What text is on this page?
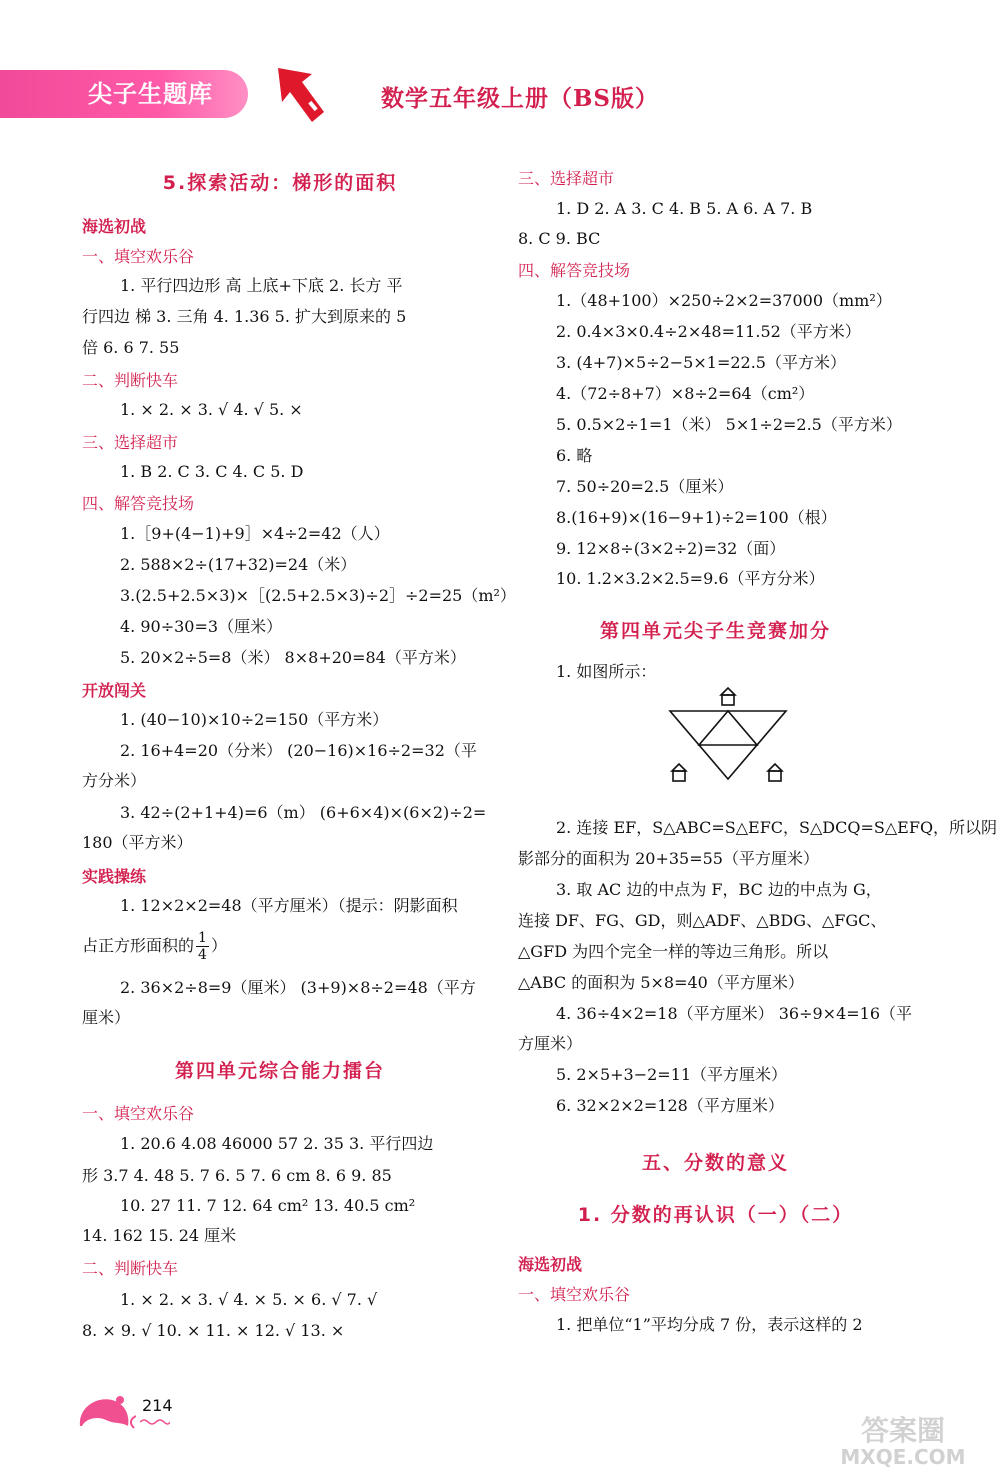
尖子生题库	数学五年级上册（BS版）
5.探索活动：梯形的面积
海选初战
一、填空欢乐谷
1. 平行四边形 高 上底+下底 2. 长方 平
行四边 梯 3. 三角 4. 1.36 5. 扩大到原来的 5
倍 6. 6 7. 55
二、判断快车
1. × 2. × 3. √ 4. √ 5. ×
三、选择超市
1. B 2. C 3. C 4. C 5. D
四、解答竞技场
1.［9+(4−1)+9］×4÷2=42（人）
2. 588×2÷(17+32)=24（米）
3.(2.5+2.5×3)×［(2.5+2.5×3)÷2］÷2=25（m²）
4. 90÷30=3（厘米）
5. 20×2÷5=8（米） 8×8+20=84（平方米）
开放闯关
1. (40−10)×10÷2=150（平方米）
2. 16+4=20（分米） (20−16)×16÷2=32（平
方分米）
3. 42÷(2+1+4)=6（m） (6+6×4)×(6×2)÷2=
180（平方米）
实践操练
1. 12×2×2=48（平方厘米）（提示：阴影面积
占正方形面积的 $\frac{1}{4}$ ）
2. 36×2÷8=9（厘米） (3+9)×8÷2=48（平方
厘米）
第四单元综合能力擂台
一、填空欢乐谷
1. 20.6 4.08 46000 57 2. 35 3. 平行四边
形 3.7 4. 48 5. 7 6. 5 7. 6 cm 8. 6 9. 85
10. 27 11. 7 12. 64 cm² 13. 40.5 cm²
14. 162 15. 24 厘米
二、判断快车
1. × 2. × 3. √ 4. × 5. × 6. √ 7. √
8. × 9. √ 10. × 11. × 12. √ 13. ×
三、选择超市
1. D 2. A 3. C 4. B 5. A 6. A 7. B
8. C 9. BC
四、解答竞技场
1.（48+100）×250÷2×2=37000（mm²）
2. 0.4×3×0.4÷2×48=11.52（平方米）
3. (4+7)×5÷2−5×1=22.5（平方米）
4.（72÷8+7）×8÷2=64（cm²）
5. 0.5×2÷1=1（米） 5×1÷2=2.5（平方米）
6. 略
7. 50÷20=2.5（厘米）
8.(16+9)×(16−9+1)÷2=100（根）
9. 12×8÷(3×2÷2)=32（面）
10. 1.2×3.2×2.5=9.6（平方分米）
第四单元尖子生竞赛加分
1. 如图所示：
2. 连接 EF，S△ABC=S△EFC，S△DCQ=S△EFQ，所以阴
影部分的面积为 20+35=55（平方厘米）
3. 取 AC 边的中点为 F，BC 边的中点为 G，
连接 DF、FG、GD，则△ADF、△BDG、△FGC、
△GFD 为四个完全一样的等边三角形。所以
△ABC 的面积为 5×8=40（平方厘米）
4. 36÷4×2=18（平方厘米） 36÷9×4=16（平
方厘米）
5. 2×5+3−2=11（平方厘米）
6. 32×2×2=128（平方厘米）
五、分数的意义
1. 分数的再认识（一）（二）
海选初战
一、填空欢乐谷
1. 把单位“1”平均分成 7 份，表示这样的 2
214
答案圈
MXQE.COM
